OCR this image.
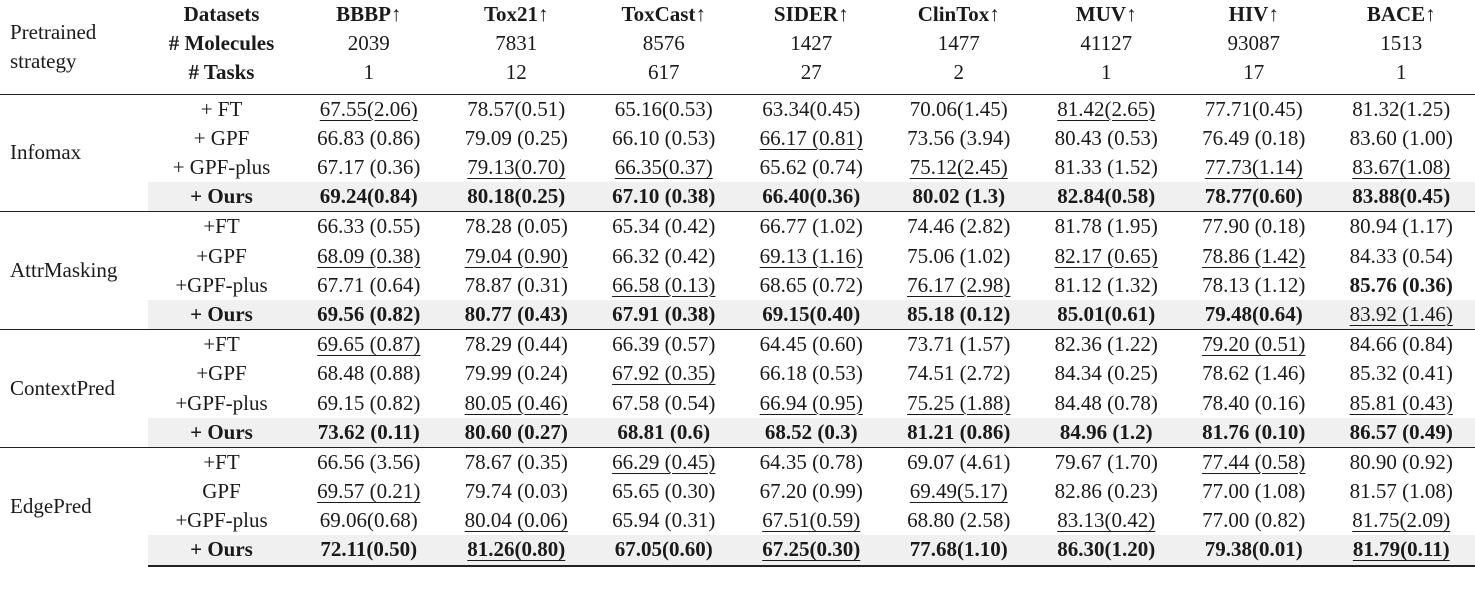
Pretrained
strategy	Datasets	BBBP↑	Tox21↑	ToxCast↑	SIDER↑	ClinTox↑	MUV↑	HIV↑	BACE↑
	# Molecules	2039	7831	8576	1427	1477	41127	93087	1513
	# Tasks	1	12	617	27	2	1	17	1
Infomax	+ FT	67.55(2.06)	78.57(0.51)	65.16(0.53)	63.34(0.45)	70.06(1.45)	81.42(2.65)	77.71(0.45)	81.32(1.25)
	+ GPF	66.83 (0.86)	79.09 (0.25)	66.10 (0.53)	66.17 (0.81)	73.56 (3.94)	80.43 (0.53)	76.49 (0.18)	83.60 (1.00)
	+ GPF-plus	67.17 (0.36)	79.13(0.70)	66.35(0.37)	65.62 (0.74)	75.12(2.45)	81.33 (1.52)	77.73(1.14)	83.67(1.08)
	+ Ours	69.24(0.84)	80.18(0.25)	67.10 (0.38)	66.40(0.36)	80.02 (1.3)	82.84(0.58)	78.77(0.60)	83.88(0.45)
AttrMasking	+FT	66.33 (0.55)	78.28 (0.05)	65.34 (0.42)	66.77 (1.02)	74.46 (2.82)	81.78 (1.95)	77.90 (0.18)	80.94 (1.17)
	+GPF	68.09 (0.38)	79.04 (0.90)	66.32 (0.42)	69.13 (1.16)	75.06 (1.02)	82.17 (0.65)	78.86 (1.42)	84.33 (0.54)
	+GPF-plus	67.71 (0.64)	78.87 (0.31)	66.58 (0.13)	68.65 (0.72)	76.17 (2.98)	81.12 (1.32)	78.13 (1.12)	85.76 (0.36)
	+ Ours	69.56 (0.82)	80.77 (0.43)	67.91 (0.38)	69.15(0.40)	85.18 (0.12)	85.01(0.61)	79.48(0.64)	83.92 (1.46)
ContextPred	+FT	69.65 (0.87)	78.29 (0.44)	66.39 (0.57)	64.45 (0.60)	73.71 (1.57)	82.36 (1.22)	79.20 (0.51)	84.66 (0.84)
	+GPF	68.48 (0.88)	79.99 (0.24)	67.92 (0.35)	66.18 (0.53)	74.51 (2.72)	84.34 (0.25)	78.62 (1.46)	85.32 (0.41)
	+GPF-plus	69.15 (0.82)	80.05 (0.46)	67.58 (0.54)	66.94 (0.95)	75.25 (1.88)	84.48 (0.78)	78.40 (0.16)	85.81 (0.43)
	+ Ours	73.62 (0.11)	80.60 (0.27)	68.81 (0.6)	68.52 (0.3)	81.21 (0.86)	84.96 (1.2)	81.76 (0.10)	86.57 (0.49)
EdgePred	+FT	66.56 (3.56)	78.67 (0.35)	66.29 (0.45)	64.35 (0.78)	69.07 (4.61)	79.67 (1.70)	77.44 (0.58)	80.90 (0.92)
	GPF	69.57 (0.21)	79.74 (0.03)	65.65 (0.30)	67.20 (0.99)	69.49(5.17)	82.86 (0.23)	77.00 (1.08)	81.57 (1.08)
	+GPF-plus	69.06(0.68)	80.04 (0.06)	65.94 (0.31)	67.51(0.59)	68.80 (2.58)	83.13(0.42)	77.00 (0.82)	81.75(2.09)
	+ Ours	72.11(0.50)	81.26(0.80)	67.05(0.60)	67.25(0.30)	77.68(1.10)	86.30(1.20)	79.38(0.01)	81.79(0.11)
